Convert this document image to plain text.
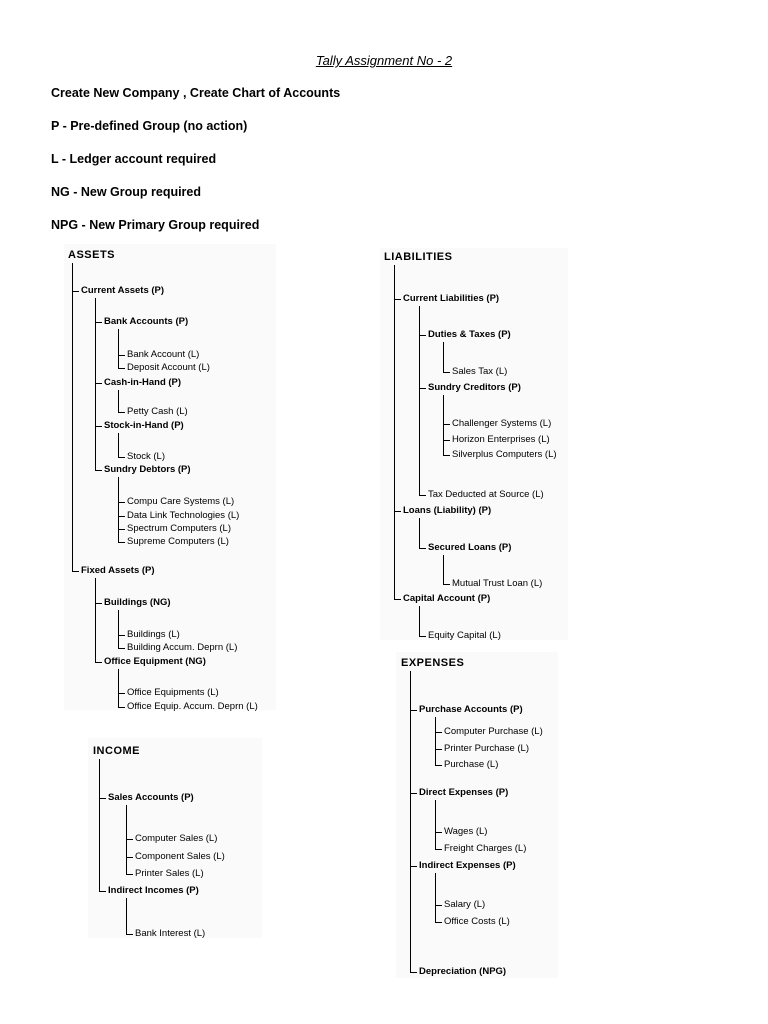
Tally Assignment No - 2
Create New Company , Create Chart of Accounts
P - Pre-defined Group (no action)
L - Ledger account required
NG - New Group required
NPG - New Primary Group required
ASSETS
Current Assets (P)
Bank Accounts (P)
Bank Account (L)
Deposit Account (L)
Cash-in-Hand (P)
Petty Cash (L)
Stock-in-Hand (P)
Stock (L)
Sundry Debtors (P)
Compu Care Systems (L)
Data Link Technologies (L)
Spectrum Computers (L)
Supreme Computers (L)
Fixed Assets (P)
Buildings (NG)
Buildings (L)
Building Accum. Deprn (L)
Office Equipment (NG)
Office Equipments (L)
Office Equip. Accum. Deprn (L)
LIABILITIES
Current Liabilities (P)
Duties & Taxes (P)
Sales Tax (L)
Sundry Creditors (P)
Challenger Systems (L)
Horizon Enterprises (L)
Silverplus Computers (L)
Tax Deducted at Source (L)
Loans (Liability) (P)
Secured Loans (P)
Mutual Trust Loan (L)
Capital Account (P)
Equity Capital (L)
INCOME
Sales Accounts (P)
Computer Sales (L)
Component Sales (L)
Printer Sales (L)
Indirect Incomes (P)
Bank Interest (L)
EXPENSES
Purchase Accounts (P)
Computer Purchase (L)
Printer Purchase (L)
Purchase (L)
Direct Expenses (P)
Wages (L)
Freight Charges (L)
Indirect Expenses (P)
Salary (L)
Office Costs (L)
Depreciation (NPG)
